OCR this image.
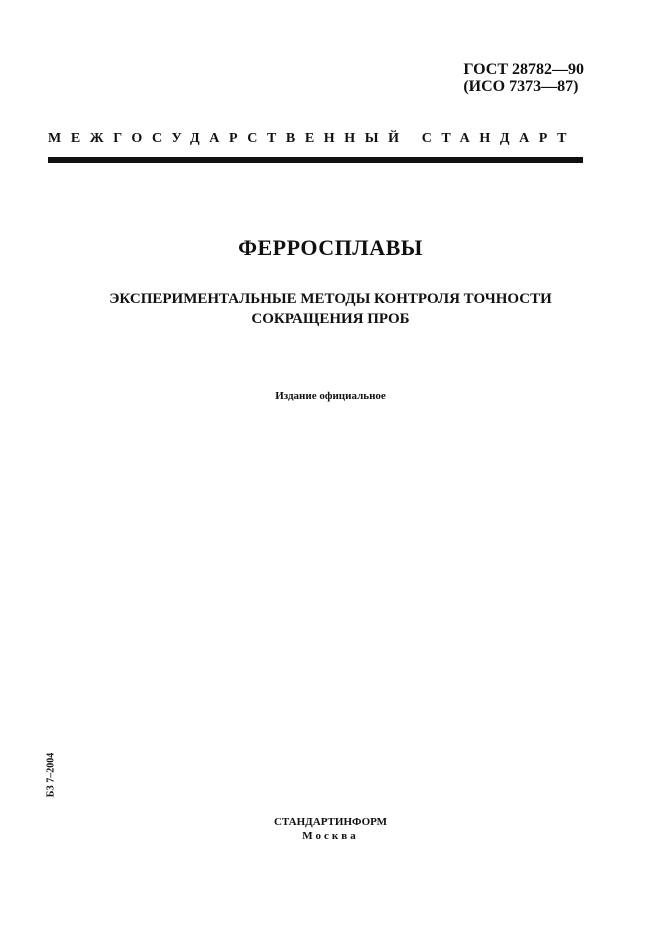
ГОСТ 28782—90
(ИСО 7373—87)
МЕЖГОСУДАРСТВЕННЫЙ СТАНДАРТ
ФЕРРОСПЛАВЫ
ЭКСПЕРИМЕНТАЛЬНЫЕ МЕТОДЫ КОНТРОЛЯ ТОЧНОСТИ
СОКРАЩЕНИЯ ПРОБ
Издание официальное
БЗ 7–2004
СТАНДАРТИНФОРМ
Москва
